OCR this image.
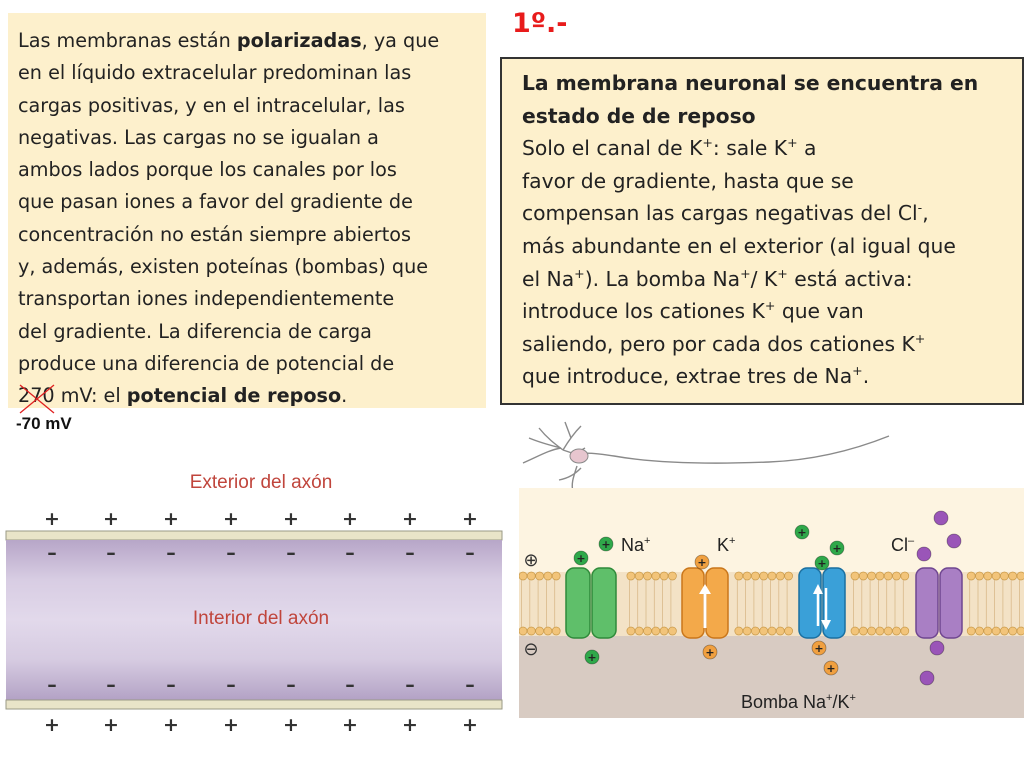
Las membranas están polarizadas, ya que
en el líquido extracelular predominan las
cargas positivas, y en el intracelular, las
negativas. Las cargas no se igualan a
ambos lados porque los canales por los
que pasan iones a favor del gradiente de
concentración no están siempre abiertos
y, además, existen poteínas (bombas) que
transportan iones independientemente
del gradiente. La diferencia de carga
produce una diferencia de potencial de
270
mV: el potencial de reposo.

1º.-

La membrana neuronal se encuentra en
estado de de reposo
Solo el canal de K+: sale K+ a
favor de gradiente, hasta que se
compensan las cargas negativas del Cl-,
más abundante en el exterior (al igual que
el Na+). La bomba Na+/ K+ está activa:
introduce los cationes K+ que van
saliendo, pero por cada dos cationes K+
que introduce, extrae tres de Na+.

-70 mV
Exterior del axón
+ + + + + + + +
–	–	–	–	–	–	–	–
–	–	–	–	–	–	–	–
Interior del axón
+ + + + + + + +
⊕
⊖
Na+	K+	Cl–
Bomba Na+/K+
+
+
+
+
+
+
+
+	+
+
